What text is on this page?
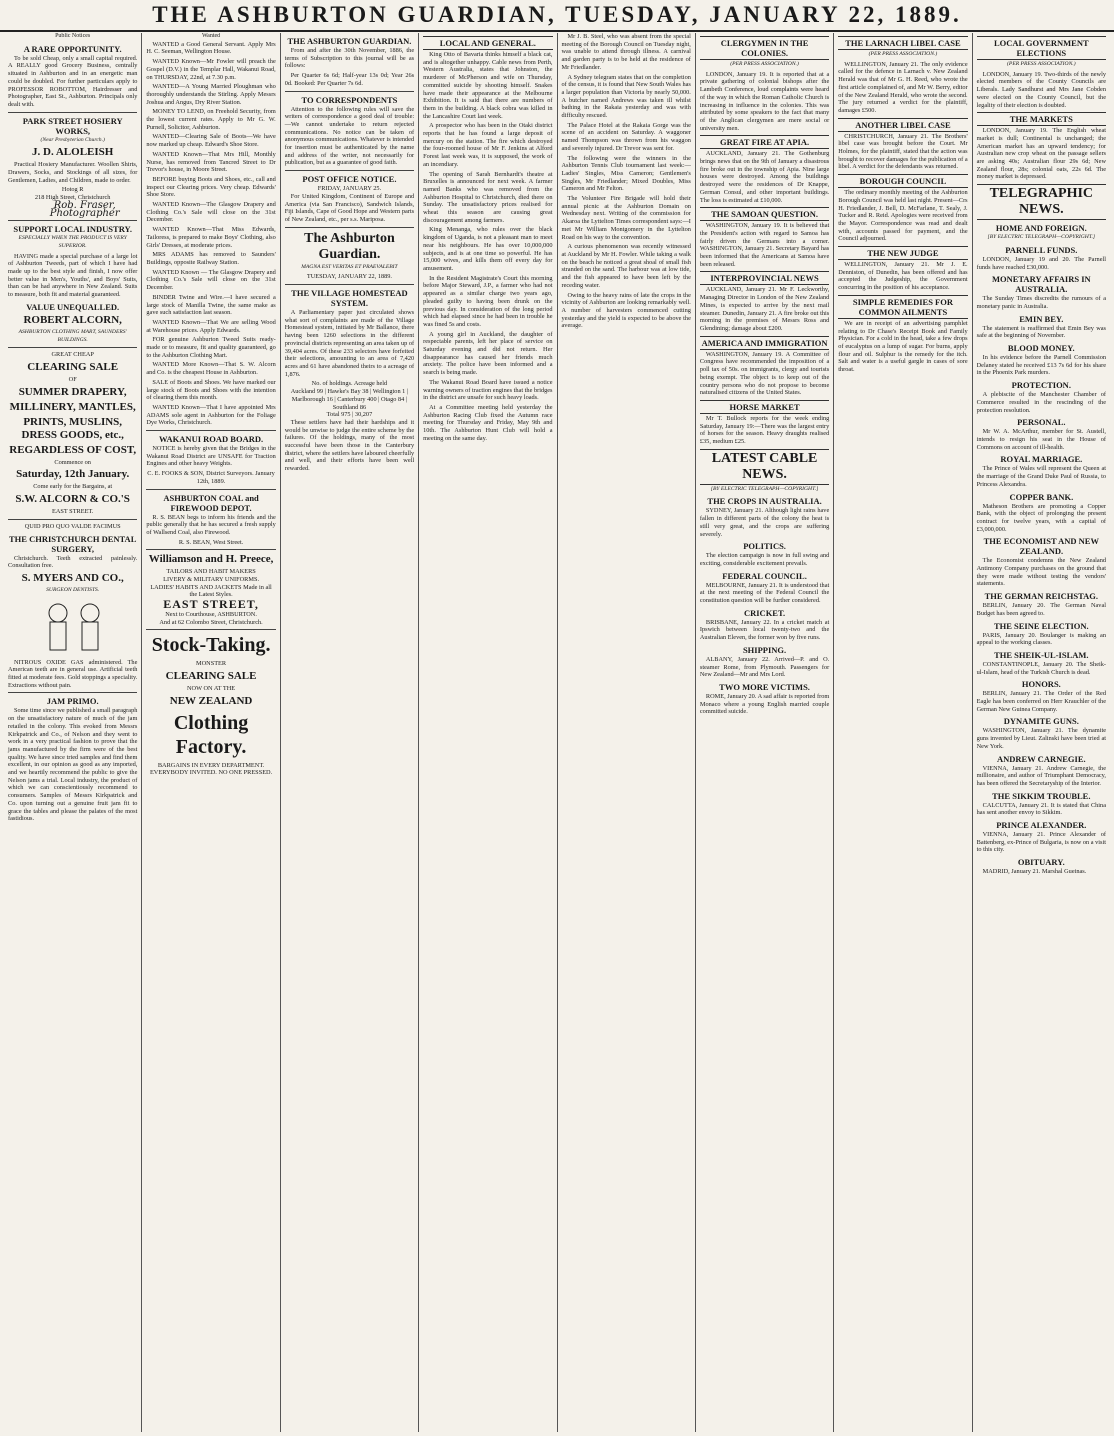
THE ASHBURTON GUARDIAN, TUESDAY, JANUARY 22, 1889.
Public Notices
A RARE OPPORTUNITY.

To be sold Cheap, only a small capital required. A REALLY good Grocery Business, centrally situated in Ashburton and in an energetic man could be doubled. For further particulars apply to PROFESSOR ROBOTTOM, Hairdresser and Photographer, East St., Ashburton. Principals only dealt with.

PARK STREET HOSIERY WORKS,
(Near Presbyterian Church.)
J. D. ALOLEISH

Practical Hosiery Manufacturer. Woollen Shirts, Drawers, Socks, and Stockings of all sizes, for Gentlemen, Ladies, and Children, made to order.

Hotog R
218 High Street, Christchurch
Rob. Fraser, Photographer
SUPPORT LOCAL INDUSTRY.
ESPECIALLY WHEN THE PRODUCT IS VERY SUPERIOR.

HAVING made a special purchase of a large lot of Ashburton Tweeds, part of which I have had made up to the best style and finish, I now offer better value in Men's, Youths', and Boys' Suits, than can be had anywhere in New Zealand. Suits to measure, both fit and material guaranteed.

VALUE UNEQUALLED.
ROBERT ALCORN,
ASHBURTON CLOTHING MART, SAUNDERS' BUILDINGS.
GREAT CHEAP
CLEARING SALE
OF
SUMMER DRAPERY,
MILLINERY, MANTLES,
PRINTS, MUSLINS, DRESS GOODS, etc.,
REGARDLESS OF COST,
Commence on
Saturday, 12th January.
Come early for the Bargains, at
S.W. ALCORN & CO.'S
EAST STREET.
QUID PRO QUO VALDE FACIMUS
THE CHRISTCHURCH DENTAL SURGERY,

Christchurch. Teeth extracted painlessly. Consultation free.

S. MYERS AND CO.,
SURGEON DENTISTS.

NITROUS OXIDE GAS administered. The American teeth are in general use. Artificial teeth fitted at moderate fees. Gold stoppings a speciality. Extractions without pain.

JAM PRIMO.

Some time since we published a small paragraph on the unsatisfactory nature of much of the jam retailed in the colony. This evoked from Messrs Kirkpatrick and Co., of Nelson and they went to work in a very practical fashion to prove that the jams manufactured by the firm were of the best quality. We have since tried samples and find them excellent, in our opinion as good as any imported, and we heartily recommend the public to give the Nelson jams a trial. Local industry, the product of which we can conscientiously recommend to consumers. Samples of Messrs Kirkpatrick and Co. upon turning out a genuine fruit jam fit to grace the tables and please the palates of the most fastidious.

Wanted

WANTED a Good General Servant. Apply Mrs H. C. Seeman, Wellington House.

WANTED Known—Mr Fowler will preach the Gospel (D.V.) in the Templar Hall, Wakanui Road, on THURSDAY, 22nd, at 7.30 p.m.

WANTED—A Young Married Ploughman who thoroughly understands the Stirling. Apply Messrs Joshua and Angus, Dry River Station.

MONEY TO LEND, on Freehold Security, from the lowest current rates. Apply to Mr G. W. Purnell, Solicitor, Ashburton.

WANTED—Clearing Sale of Boots—We have now marked up cheap. Edward's Shoe Store.

WANTED Known—That Mrs Hill, Monthly Nurse, has removed from Tancred Street to Dr Trevor's house, in Moore Street.

BEFORE buying Boots and Shoes, etc., call and inspect our Clearing prices. Very cheap. Edwards' Shoe Store.

WANTED Known—The Glasgow Drapery and Clothing Co.'s Sale will close on the 31st December.

WANTED Known—That Miss Edwards, Tailoress, is prepared to make Boys' Clothing, also Girls' Dresses, at moderate prices.

MRS ADAMS has removed to Saunders' Buildings, opposite Railway Station.

WANTED Known — The Glasgow Drapery and Clothing Co.'s Sale will close on the 31st December.

BINDER Twine and Wire.—I have secured a large stock of Manilla Twine, the same make as gave such satisfaction last season.

WANTED Known—That We are selling Wood at Warehouse prices. Apply Edwards.

FOR genuine Ashburton Tweed Suits ready-made or to measure, fit and quality guaranteed, go to the Ashburton Clothing Mart.

WANTED More Known—That S. W. Alcorn and Co. is the cheapest House in Ashburton.

SALE of Boots and Shoes. We have marked our large stock of Boots and Shoes with the intention of clearing them this month.

WANTED Known—That I have appointed Mrs ADAMS sole agent in Ashburton for the Foliage Dye Works, Christchurch.

WAKANUI ROAD BOARD.

NOTICE is hereby given that the Bridges in the Wakanui Road District are UNSAFE for Traction Engines and other heavy Weights.

C. E. FOOKS & SON, District Surveyors. January 12th, 1889.
ASHBURTON COAL and FIREWOOD DEPOT.

R. S. BEAN begs to inform his friends and the public generally that he has secured a fresh supply of Wallsend Coal, also Firewood.

R. S. BEAN, West Street.
Williamson and H. Preece,
TAILORS AND HABIT MAKERS
LIVERY & MILITARY UNIFORMS.
LADIES' HABITS AND JACKETS Made in all the Latest Styles.
EAST STREET,
Next to Courthouse, ASHBURTON.
And at 62 Colombo Street, Christchurch.
Stock-Taking.
MONSTER
CLEARING SALE
NOW ON AT THE
NEW ZEALAND
Clothing Factory.
BARGAINS IN EVERY DEPARTMENT.
EVERYBODY INVITED. NO ONE PRESSED.
THE ASHBURTON GUARDIAN.

From and after the 30th November, 1886, the terms of Subscription to this journal will be as follows:

Per Quarter 6s 6d; Half-year 13s 0d; Year 26s 0d. Booked: Per Quarter 7s 6d.

TO CORRESPONDENTS

Attention to the following rules will save the writers of correspondence a good deal of trouble:—We cannot undertake to return rejected communications. No notice can be taken of anonymous communications. Whatever is intended for insertion must be authenticated by the name and address of the writer, not necessarily for publication, but as a guarantee of good faith.

POST OFFICE NOTICE.
FRIDAY, JANUARY 25.

For United Kingdom, Continent of Europe and America (via San Francisco), Sandwich Islands, Fiji Islands, Cape of Good Hope and Western parts of New Zealand, etc., per s.s. Mariposa.

The Ashburton Guardian.
MAGNA EST VERITAS ET PRAEVALEBIT
TUESDAY, JANUARY 22, 1889.
THE VILLAGE HOMESTEAD SYSTEM.

A Parliamentary paper just circulated shows what sort of complaints are made of the Village Homestead system, initiated by Mr Ballance, there having been 1260 selections in the different provincial districts representing an area taken up of 39,404 acres. Of these 233 selectors have forfeited their selections, amounting to an area of 7,420 acres and 61 have abandoned theirs to a acreage of 1,876.

No. of holdings. Acreage held
Auckland 99 | Hawke's Bay 38 | Wellington 1 | Marlborough 16 | Canterbury 400 | Otago 84 | Southland 86
Total 975 | 30,207

These settlers have had their hardships and it would be unwise to judge the entire scheme by the failures. Of the holdings, many of the most successful have been those in the Canterbury district, where the settlers have laboured cheerfully and well, and their efforts have been well rewarded.

LOCAL AND GENERAL.

King Otto of Bavaria thinks himself a black cat, and is altogether unhappy. Cable news from Perth, Western Australia, states that Johnston, the murderer of McPherson and wife on Thursday, committed suicide by shooting himself. Snakes have made their appearance at the Melbourne Exhibition. It is said that there are numbers of them in the building. A black cobra was killed in the Lancashire Court last week.

A prospector who has been in the Otaki district reports that he has found a large deposit of mercury on the station. The fire which destroyed the four-roomed house of Mr F. Jenkins at Alford Forest last week was, it is supposed, the work of an incendiary.

The opening of Sarah Bernhardt's theatre at Bruxelles is announced for next week. A farmer named Banks who was removed from the Ashburton Hospital to Christchurch, died there on Sunday. The unsatisfactory prices realised for wheat this season are causing great discouragement among farmers.

King Menanga, who rules over the black kingdom of Uganda, is not a pleasant man to meet near his neighbours. He has over 10,000,000 subjects, and is at one time so powerful. He has 15,000 wives, and kills them off every day for amusement.

In the Resident Magistrate's Court this morning before Major Steward, J.P., a farmer who had not appeared as a similar charge two years ago, pleaded guilty to having been drunk on the previous day. In consideration of the long period which had elapsed since he had been in trouble he was fined 5s and costs.

A young girl in Auckland, the daughter of respectable parents, left her place of service on Saturday evening and did not return. Her disappearance has caused her friends much anxiety. The police have been informed and a search is being made.

The Wakanui Road Board have issued a notice warning owners of traction engines that the bridges in the district are unsafe for such heavy loads.

At a Committee meeting held yesterday the Ashburton Racing Club fixed the Autumn race meeting for Thursday and Friday, May 9th and 10th. The Ashburton Hunt Club will hold a meeting on the same day.

Mr J. B. Steel, who was absent from the special meeting of the Borough Council on Tuesday night, was unable to attend through illness. A carnival and garden party is to be held at the residence of Mr Friedlander.

A Sydney telegram states that on the completion of the census, it is found that New South Wales has a larger population than Victoria by nearly 50,000. A butcher named Andrews was taken ill whilst bathing in the Rakaia yesterday and was with difficulty rescued.

The Palace Hotel at the Rakaia Gorge was the scene of an accident on Saturday. A waggoner named Thompson was thrown from his waggon and severely injured. Dr Trevor was sent for.

The following were the winners in the Ashburton Tennis Club tournament last week:—Ladies' Singles, Miss Cameron; Gentlemen's Singles, Mr Friedlander; Mixed Doubles, Miss Cameron and Mr Felton.

The Volunteer Fire Brigade will hold their annual picnic at the Ashburton Domain on Wednesday next. Writing of the commission for Akaroa the Lyttelton Times correspondent says:—I met Mr William Montgomery in the Lyttelton Road on his way to the convention.

A curious phenomenon was recently witnessed at Auckland by Mr H. Fowler. While taking a walk on the beach he noticed a great shoal of small fish stranded on the sand. The harbour was at low tide, and the fish appeared to have been left by the receding water.

Owing to the heavy rains of late the crops in the vicinity of Ashburton are looking remarkably well. A number of harvesters commenced cutting yesterday and the yield is expected to be above the average.

CLERGYMEN IN THE COLONIES.
(PER PRESS ASSOCIATION.)

LONDON, January 19. It is reported that at a private gathering of colonial bishops after the Lambeth Conference, loud complaints were heard of the way in which the Roman Catholic Church is increasing in influence in the colonies. This was attributed by some speakers to the fact that many of the Anglican clergymen are mere social or university men.

GREAT FIRE AT APIA.

AUCKLAND, January 21. The Gothenburg brings news that on the 9th of January a disastrous fire broke out in the township of Apia. Nine large houses were destroyed. Among the buildings destroyed were the residences of Dr Knappe, German Consul, and other important buildings. The loss is estimated at £10,000.

THE SAMOAN QUESTION.

WASHINGTON, January 19. It is believed that the President's action with regard to Samoa has fairly driven the Germans into a corner. WASHINGTON, January 21. Secretary Bayard has been informed that the Americans at Samoa have been released.

INTERPROVINCIAL NEWS

AUCKLAND, January 21. Mr F. Leckworthy, Managing Director in London of the New Zealand Mines, is expected to arrive by the next mail steamer. Dunedin, January 21. A fire broke out this morning in the premises of Messrs Ross and Glendining; damage about £200.

AMERICA AND IMMIGRATION

WASHINGTON, January 19. A Committee of Congress have recommended the imposition of a poll tax of 50s. on immigrants, clergy and tourists being exempt. The object is to keep out of the country persons who do not propose to become naturalised citizens of the United States.

HORSE MARKET

Mr T. Bullock reports for the week ending Saturday, January 19:—There was the largest entry of horses for the season. Heavy draughts realised £35, medium £25.

LATEST CABLE NEWS.
[BY ELECTRIC TELEGRAPH—COPYRIGHT.]
THE CROPS IN AUSTRALIA.

SYDNEY, January 21. Although light rains have fallen in different parts of the colony the heat is still very great, and the crops are suffering severely.

POLITICS.

The election campaign is now in full swing and exciting, considerable excitement prevails.

FEDERAL COUNCIL.

MELBOURNE, January 21. It is understood that at the next meeting of the Federal Council the constitution question will be further considered.

CRICKET.

BRISBANE, January 22. In a cricket match at Ipswich between local twenty-two and the Australian Eleven, the former won by five runs.

SHIPPING.

ALBANY, January 22. Arrived—P. and O. steamer Rome, from Plymouth. Passengers for New Zealand—Mr and Mrs Lord.

TWO MORE VICTIMS.

ROME, January 20. A sad affair is reported from Monaco where a young English married couple committed suicide.

THE LARNACH LIBEL CASE
(PER PRESS ASSOCIATION.)

WELLINGTON, January 21. The only evidence called for the defence in Larnach v. New Zealand Herald was that of Mr G. H. Reed, who wrote the first article complained of, and Mr W. Berry, editor of the New Zealand Herald, who wrote the second. The jury returned a verdict for the plaintiff, damages £500.

ANOTHER LIBEL CASE

CHRISTCHURCH, January 21. The Brothers' libel case was brought before the Court. Mr Holmes, for the plaintiff, stated that the action was brought to recover damages for the publication of a libel. A verdict for the defendants was returned.

BOROUGH COUNCIL

The ordinary monthly meeting of the Ashburton Borough Council was held last night. Present—Crs H. Friedlander, J. Bell, D. McFarlane, T. Sealy, J. Tucker and R. Reid. Apologies were received from the Mayor. Correspondence was read and dealt with, accounts passed for payment, and the Council adjourned.

THE NEW JUDGE

WELLINGTON, January 21. Mr J. E. Denniston, of Dunedin, has been offered and has accepted the Judgeship, the Government concurring in the position of his acceptance.

SIMPLE REMEDIES FOR COMMON AILMENTS

We are in receipt of an advertising pamphlet relating to Dr Chase's Receipt Book and Family Physician. For a cold in the head, take a few drops of eucalyptus on a lump of sugar. For burns, apply flour and oil. Sulphur is the remedy for the itch. Salt and water is a useful gargle in cases of sore throat.

LOCAL GOVERNMENT ELECTIONS
(PER PRESS ASSOCIATION.)

LONDON, January 19. Two-thirds of the newly elected members of the County Councils are Liberals. Lady Sandhurst and Mrs Jane Cobden were elected on the County Council, but the legality of their election is doubted.

THE MARKETS

LONDON, January 19. The English wheat market is dull; Continental is unchanged; the American market has an upward tendency; for Australian new crop wheat on the passage sellers are asking 40s; Australian flour 29s 6d; New Zealand flour, 28s; colonial oats, 22s 6d. The money market is depressed.

TELEGRAPHIC NEWS.
HOME AND FOREIGN.
[BY ELECTRIC TELEGRAPH—COPYRIGHT.]
PARNELL FUNDS.

LONDON, January 19 and 20. The Parnell funds have reached £30,000.

MONETARY AFFAIRS IN AUSTRALIA.

The Sunday Times discredits the rumours of a monetary panic in Australia.

EMIN BEY.

The statement is reaffirmed that Emin Bey was safe at the beginning of November.

BLOOD MONEY.

In his evidence before the Parnell Commission Delaney stated he received £13 7s 6d for his share in the Phoenix Park murders.

PROTECTION.

A plebiscite of the Manchester Chamber of Commerce resulted in the rescinding of the protection resolution.

PERSONAL.

Mr W. A. McArthur, member for St. Austell, intends to resign his seat in the House of Commons on account of ill-health.

ROYAL MARRIAGE.

The Prince of Wales will represent the Queen at the marriage of the Grand Duke Paul of Russia, to Princess Alexandra.

COPPER BANK.

Matheson Brothers are promoting a Copper Bank, with the object of prolonging the present contract for twelve years, with a capital of £3,000,000.

THE ECONOMIST AND NEW ZEALAND.

The Economist condemns the New Zealand Antimony Company purchases on the ground that they were made without testing the vendors' statements.

THE GERMAN REICHSTAG.

BERLIN, January 20. The German Naval Budget has been agreed to.

THE SEINE ELECTION.

PARIS, January 20. Boulanger is making an appeal to the working classes.

THE SHEIK-UL-ISLAM.

CONSTANTINOPLE, January 20. The Sheik-ul-Islam, head of the Turkish Church is dead.

HONORS.

BERLIN, January 21. The Order of the Red Eagle has been conferred on Herr Krauchler of the German New Guinea Company.

DYNAMITE GUNS.

WASHINGTON, January 21. The dynamite guns invented by Lieut. Zalinski have been tried at New York.

ANDREW CARNEGIE.

VIENNA, January 21. Andrew Carnegie, the millionaire, and author of Triumphant Democracy, has been offered the Secretaryship of the Interior.

THE SIKKIM TROUBLE.

CALCUTTA, January 21. It is stated that China has sent another envoy to Sikkim.

PRINCE ALEXANDER.

VIENNA, January 21. Prince Alexander of Battenberg, ex-Prince of Bulgaria, is now on a visit to this city.

OBITUARY.

MADRID, January 21. Marshal Gueinas.
